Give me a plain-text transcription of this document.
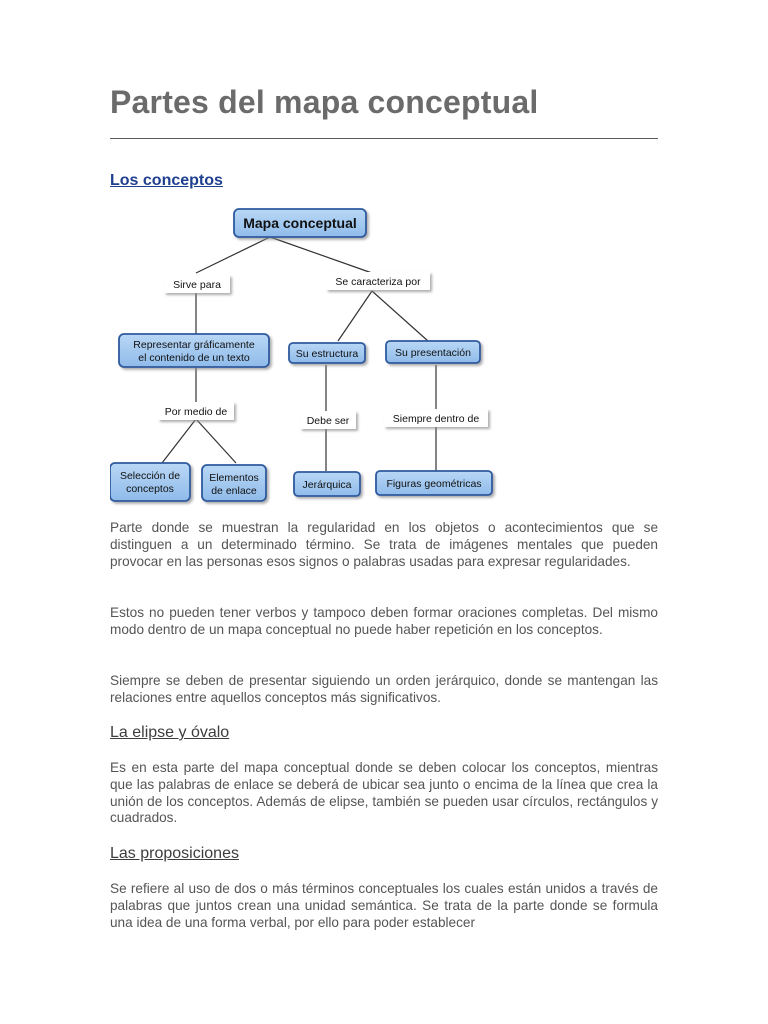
Partes del mapa conceptual
Los conceptos
Sirve para	Se caracteriza por
Por medio de
Debe ser	Siempre dentro de
Mapa conceptual
Representar gráficamente
el contenido de un texto	Su estructura	Su presentación
Selección de
conceptos
Elementos
de enlace	Jerárquica	Figuras geométricas

Parte donde se muestran la regularidad en los objetos o acontecimientos que se distinguen a un determinado término. Se trata de imágenes mentales que pueden provocar en las personas esos signos o palabras usadas para expresar regularidades.

Estos no pueden tener verbos y tampoco deben formar oraciones completas. Del mismo modo dentro de un mapa conceptual no puede haber repetición en los conceptos.

Siempre se deben de presentar siguiendo un orden jerárquico, donde se mantengan las relaciones entre aquellos conceptos más significativos.

La elipse y óvalo

Es en esta parte del mapa conceptual donde se deben colocar los conceptos, mientras que las palabras de enlace se deberá de ubicar sea junto o encima de la línea que crea la unión de los conceptos. Además de elipse, también se pueden usar círculos, rectángulos y cuadrados.

Las proposiciones

Se refiere al uso de dos o más términos conceptuales los cuales están unidos a través de palabras que juntos crean una unidad semántica. Se trata de la parte donde se formula una idea de una forma verbal, por ello para poder establecer
